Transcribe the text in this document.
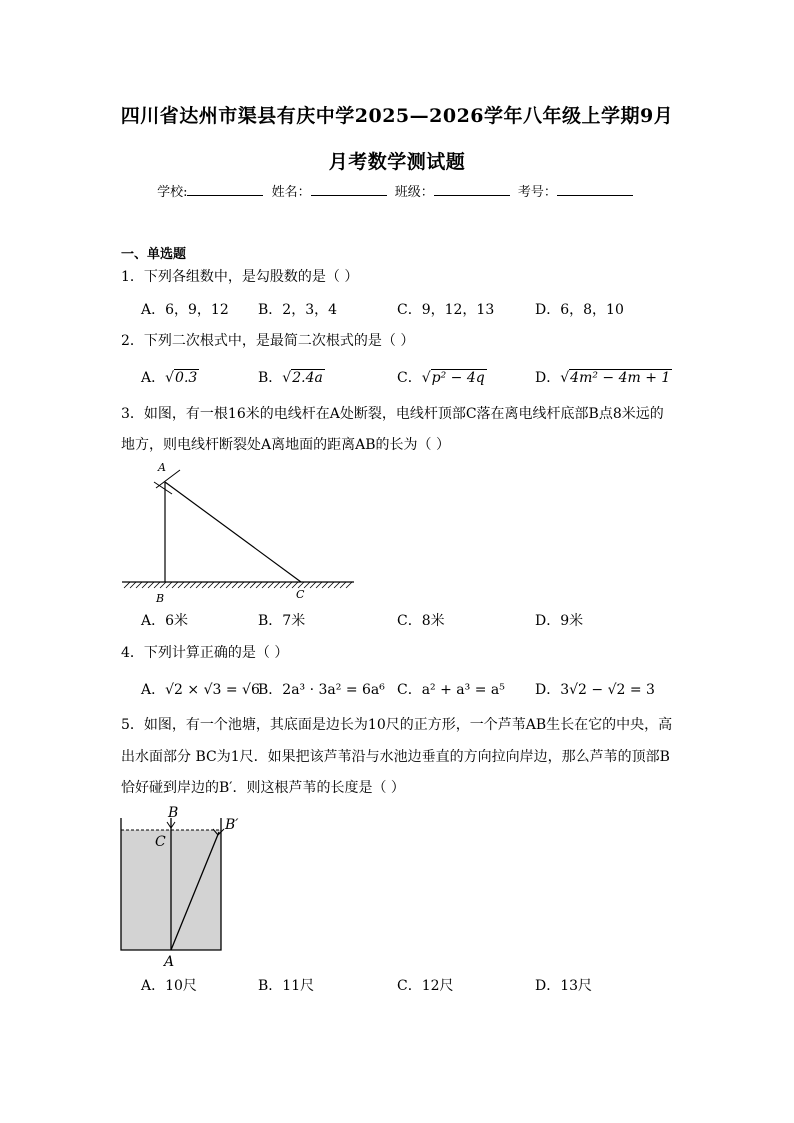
四川省达州市渠县有庆中学2025—2026学年八年级上学期9月
月考数学测试题
学校:	姓名：	班级：	考号：
一、单选题
1．下列各组数中，是勾股数的是（ ）
A．6，9，12 B．2，3，4	C．9，12，13	D．6，8，10
2．下列二次根式中，是最简二次根式的是（ ）
A．√0.3	B．√2.4a	C．√p² − 4q	D．√4m² − 4m + 1
3．如图，有一根16米的电线杆在A处断裂，电线杆顶部C落在离电线杆底部B点8米远的
地方，则电线杆断裂处A离地面的距离AB的长为（ ）
A
B	C
A．6米	B．7米	C．8米	D．9米
4．下列计算正确的是（ ）
A．√2 × √3 = √6
B．2a³ · 3a² = 6a⁶ C．a² + a³ = a⁵ D．3√2 − √2 = 3
5．如图，有一个池塘，其底面是边长为10尺的正方形，一个芦苇AB生长在它的中央，高
出水面部分 BC为1尺．如果把该芦苇沿与水池边垂直的方向拉向岸边，那么芦苇的顶部B
恰好碰到岸边的B′．则这根芦苇的长度是（ ）
B
B′
C
A
A．10尺	B．11尺	C．12尺	D．13尺
